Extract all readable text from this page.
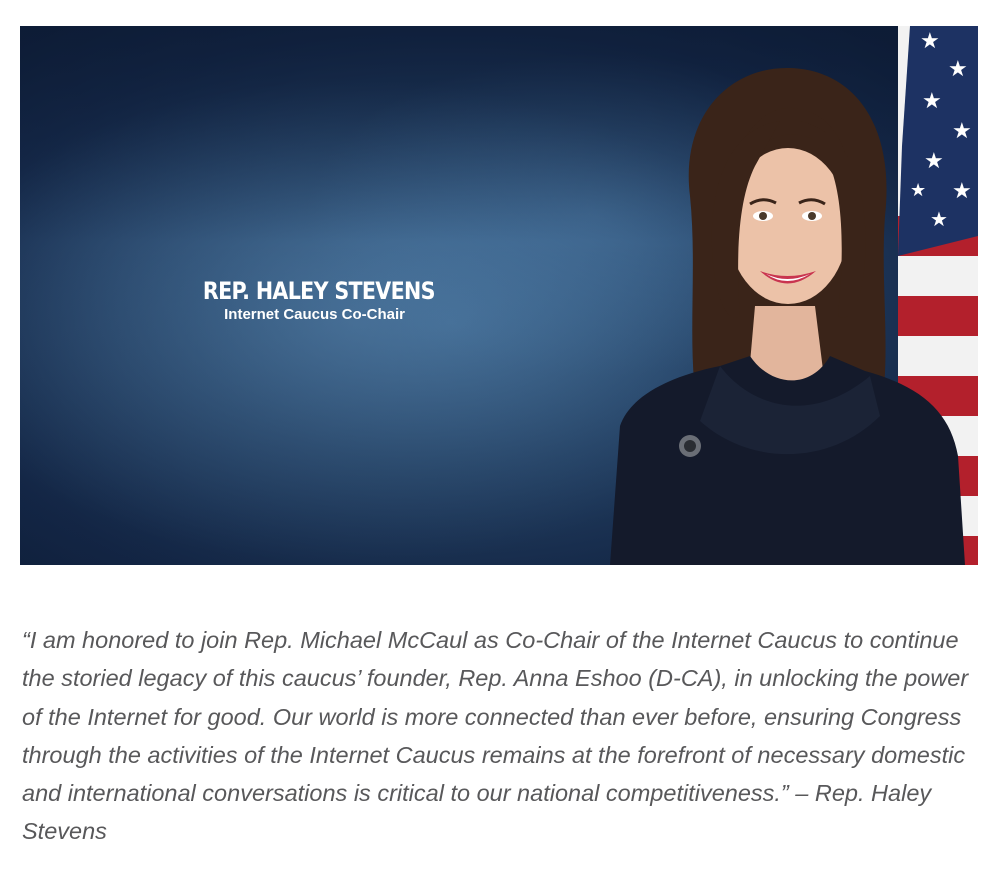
REP. HALEY STEVENS
Internet Caucus Co-Chair
★
★
★
★
★
★
★
★

“I am honored to join Rep. Michael McCaul as Co-Chair of the Internet Caucus to continue the storied legacy of this caucus’ founder, Rep. Anna Eshoo (D-CA), in unlocking the power of the Internet for good. Our world is more connected than ever before, ensuring Congress through the activities of the Internet Caucus remains at the forefront of necessary domestic and international conversations is critical to our national competitiveness.” – Rep. Haley Stevens
